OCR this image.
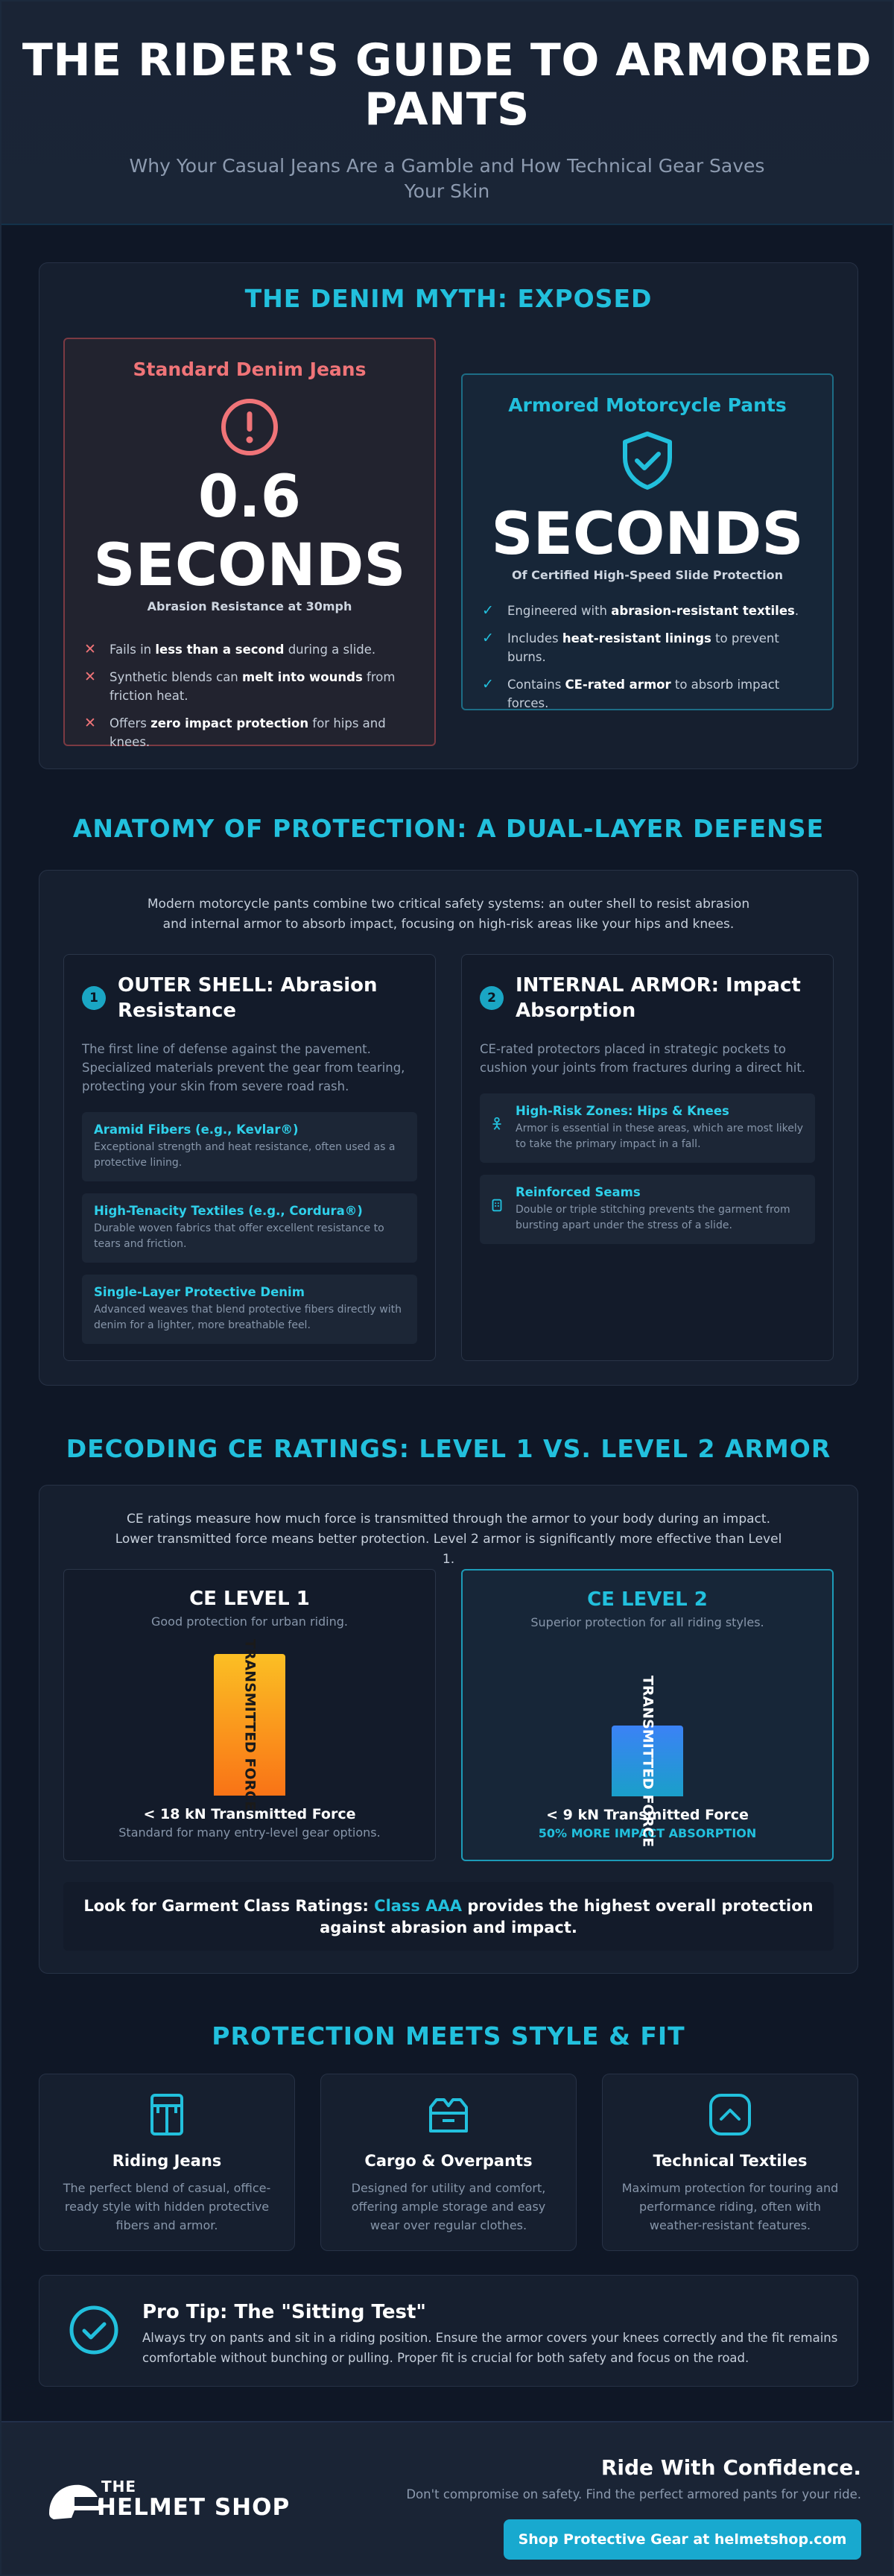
THE RIDER'S GUIDE TO ARMORED PANTS

Why Your Casual Jeans Are a Gamble and How Technical Gear Saves Your Skin

THE DENIM MYTH: EXPOSED
Standard Denim Jeans
0.6
SECONDS
Abrasion Resistance at 30mph
✕ Fails in less than a second during a slide.
✕ Synthetic blends can melt into wounds from friction heat.
✕ Offers zero impact protection for hips and knees.
Armored Motorcycle Pants
SECONDS
Of Certified High-Speed Slide Protection
✓ Engineered with abrasion-resistant textiles.
✓ Includes heat-resistant linings to prevent burns.
✓ Contains CE-rated armor to absorb impact forces.
ANATOMY OF PROTECTION: A DUAL-LAYER DEFENSE

Modern motorcycle pants combine two critical safety systems: an outer shell to resist abrasion and internal armor to absorb impact, focusing on high-risk areas like your hips and knees.

1
OUTER SHELL: Abrasion Resistance

The first line of defense against the pavement. Specialized materials prevent the gear from tearing, protecting your skin from severe road rash.

Aramid Fibers (e.g., Kevlar®)

Exceptional strength and heat resistance, often used as a protective lining.

High-Tenacity Textiles (e.g., Cordura®)

Durable woven fabrics that offer excellent resistance to tears and friction.

Single-Layer Protective Denim

Advanced weaves that blend protective fibers directly with denim for a lighter, more breathable feel.

2
INTERNAL ARMOR: Impact Absorption

CE-rated protectors placed in strategic pockets to cushion your joints from fractures during a direct hit.

High-Risk Zones: Hips & Knees

Armor is essential in these areas, which are most likely to take the primary impact in a fall.

Reinforced Seams

Double or triple stitching prevents the garment from bursting apart under the stress of a slide.

DECODING CE RATINGS: LEVEL 1 VS. LEVEL 2 ARMOR

CE ratings measure how much force is transmitted through the armor to your body during an impact. Lower transmitted force means better protection. Level 2 armor is significantly more effective than Level 1.

CE LEVEL 1
Good protection for urban riding.
TRANSMITTED FORCE
< 18 kN Transmitted Force
Standard for many entry-level gear options.
CE LEVEL 2
Superior protection for all riding styles.
TRANSMITTED FORCE
< 9 kN Transmitted Force
50% MORE IMPACT ABSORPTION
Look for Garment Class Ratings: Class AAA provides the highest overall protection against abrasion and impact.
PROTECTION MEETS STYLE & FIT
Riding Jeans

The perfect blend of casual, office-ready style with hidden protective fibers and armor.

Cargo & Overpants

Designed for utility and comfort, offering ample storage and easy wear over regular clothes.

Technical Textiles

Maximum protection for touring and performance riding, often with weather-resistant features.

Pro Tip: The "Sitting Test"

Always try on pants and sit in a riding position. Ensure the armor covers your knees correctly and the fit remains comfortable without bunching or pulling. Proper fit is crucial for both safety and focus on the road.

THE
HELMET SHOP
Ride With Confidence.

Don't compromise on safety. Find the perfect armored pants for your ride.

Shop Protective Gear at helmetshop.com
